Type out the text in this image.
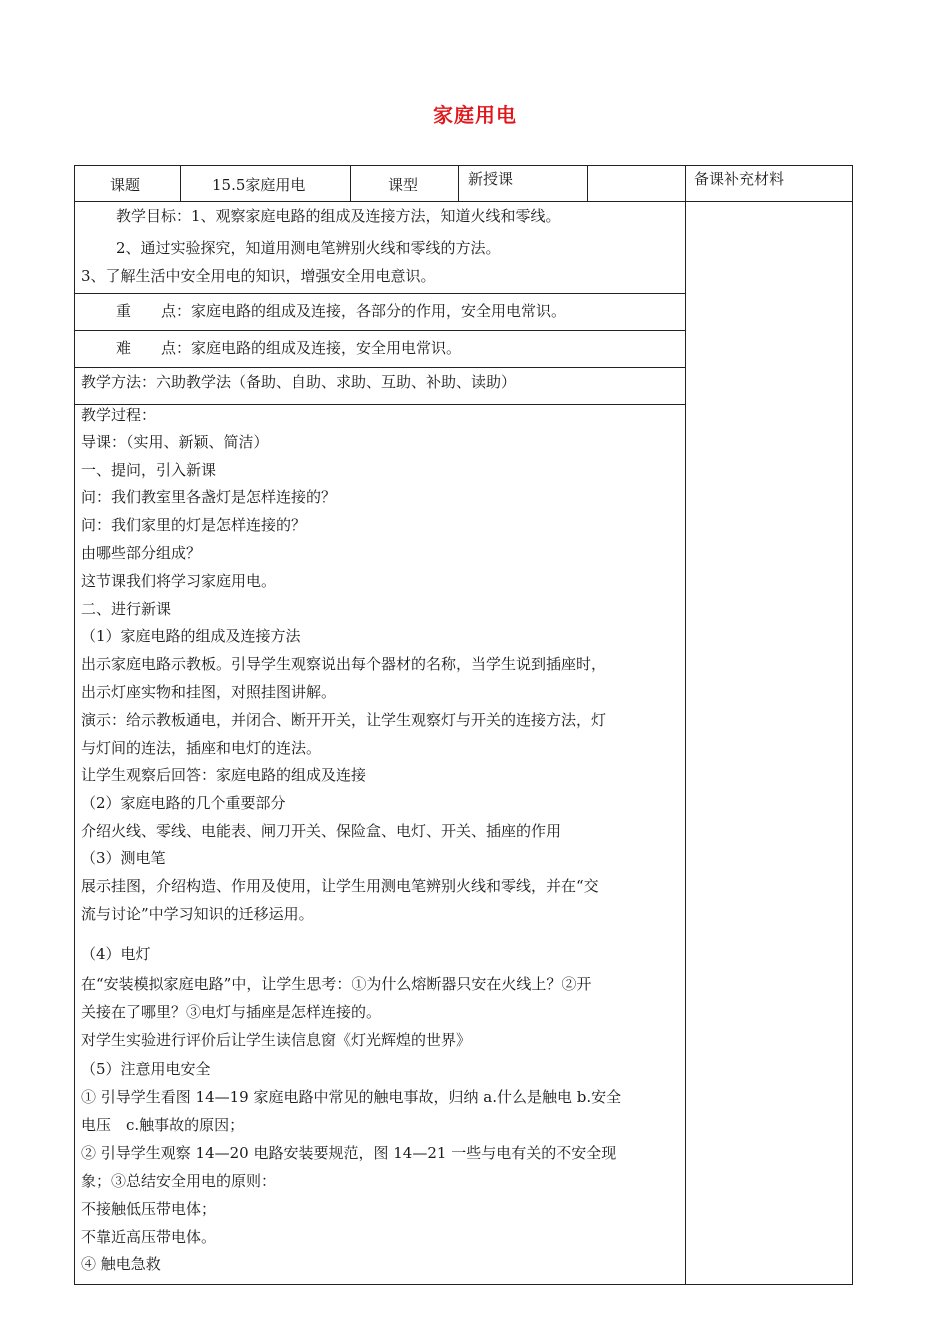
家庭用电
课题	15.5家庭用电	课型	新授课	备课补充材料
教学目标：1、观察家庭电路的组成及连接方法，知道火线和零线。
2、通过实验探究，知道用测电笔辨别火线和零线的方法。
3、了解生活中安全用电的知识，增强安全用电意识。
重　　点：家庭电路的组成及连接，各部分的作用，安全用电常识。
难　　点：家庭电路的组成及连接，安全用电常识。
教学方法：六助教学法（备助、自助、求助、互助、补助、读助）
教学过程：
导课：（实用、新颖、简洁）
一、提问，引入新课
问：我们教室里各盏灯是怎样连接的？
问：我们家里的灯是怎样连接的？
由哪些部分组成？
这节课我们将学习家庭用电。
二、进行新课
（1）家庭电路的组成及连接方法
出示家庭电路示教板。引导学生观察说出每个器材的名称，当学生说到插座时，
出示灯座实物和挂图，对照挂图讲解。
演示：给示教板通电，并闭合、断开开关，让学生观察灯与开关的连接方法，灯
与灯间的连法，插座和电灯的连法。
让学生观察后回答：家庭电路的组成及连接
（2）家庭电路的几个重要部分
介绍火线、零线、电能表、闸刀开关、保险盒、电灯、开关、插座的作用
（3）测电笔
展示挂图，介绍构造、作用及使用，让学生用测电笔辨别火线和零线，并在“交
流与讨论”中学习知识的迁移运用。
（4）电灯
在“安装模拟家庭电路”中，让学生思考：①为什么熔断器只安在火线上？②开
关接在了哪里？③电灯与插座是怎样连接的。
对学生实验进行评价后让学生读信息窗《灯光辉煌的世界》
（5）注意用电安全
① 引导学生看图 14—19 家庭电路中常见的触电事故，归纳 a.什么是触电 b.安全
电压　c.触事故的原因；
② 引导学生观察 14—20 电路安装要规范，图 14—21 一些与电有关的不安全现
象；③总结安全用电的原则：
不接触低压带电体；
不靠近高压带电体。
④ 触电急救
